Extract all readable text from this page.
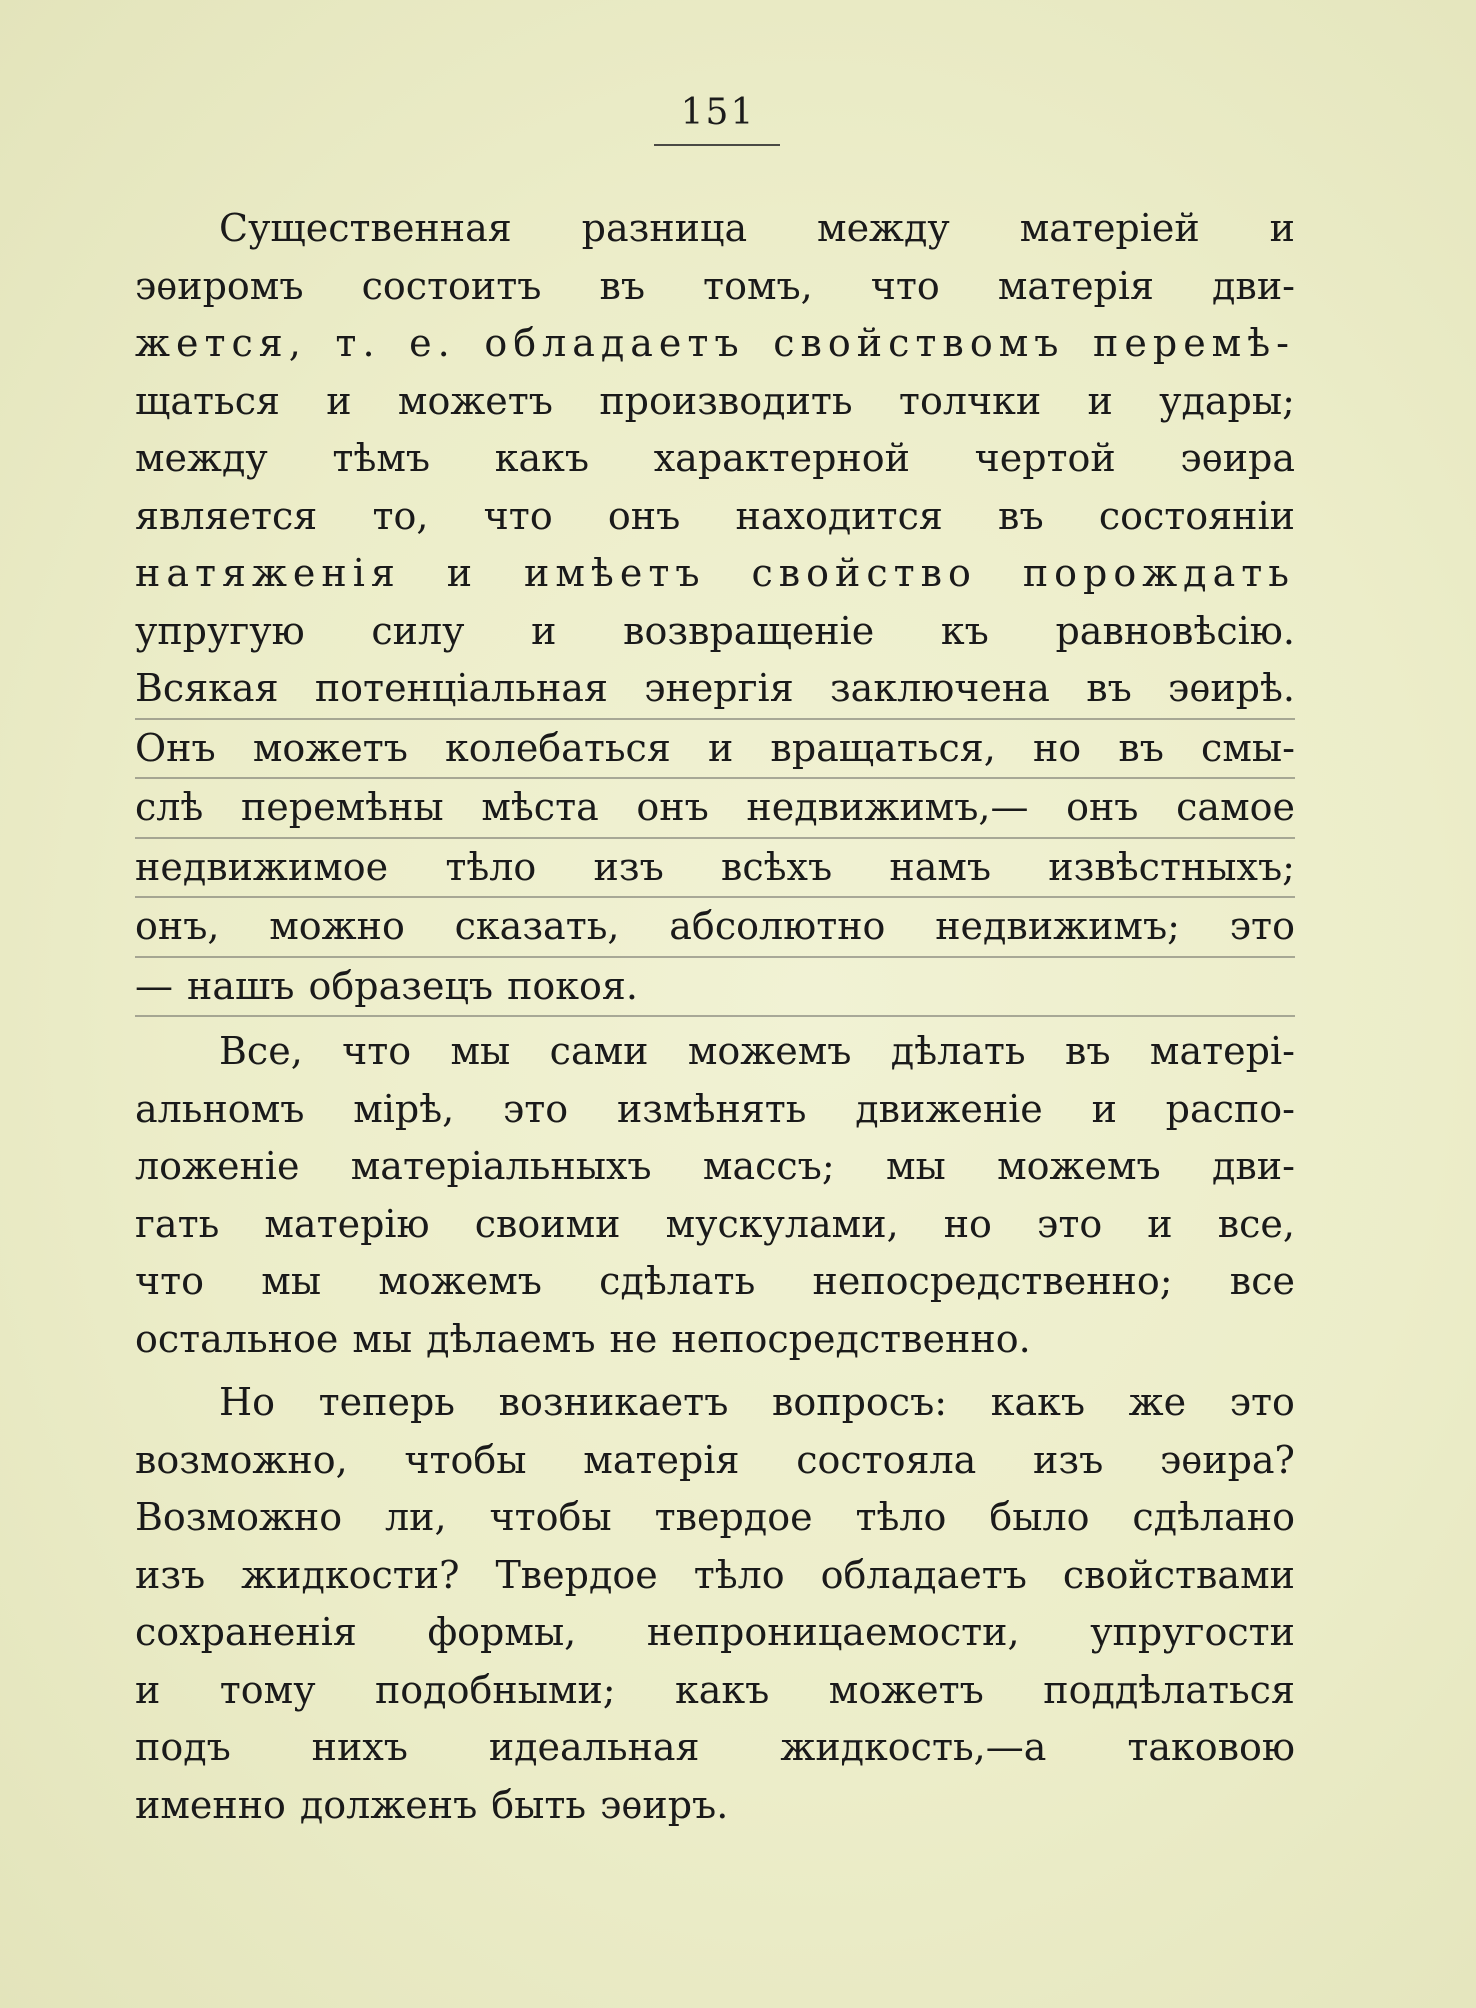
151
Существенная разница между матеріей и
эѳиромъ состоитъ въ томъ, что матерія дви-
жется, т. е. обладаетъ свойствомъ перемѣ-
щаться и можетъ производить толчки и удары;
между тѣмъ какъ характерной чертой эѳира
является то, что онъ находится въ состояніи
натяженія и имѣетъ свойство порождать
упругую силу и возвращеніе къ равновѣсію.
Всякая потенціальная энергія заключена въ эѳирѣ.
Онъ можетъ колебаться и вращаться, но въ смы-
слѣ перемѣны мѣста онъ недвижимъ,— онъ самое
недвижимое тѣло изъ всѣхъ намъ извѣстныхъ;
онъ, можно сказать, абсолютно недвижимъ; это
— нашъ образецъ покоя.
Все, что мы сами можемъ дѣлать въ матері-
альномъ мірѣ, это измѣнять движеніе и распо-
ложеніе матеріальныхъ массъ; мы можемъ дви-
гать матерію своими мускулами, но это и все,
что мы можемъ сдѣлать непосредственно; все
остальное мы дѣлаемъ не непосредственно.
Но теперь возникаетъ вопросъ: какъ же это
возможно, чтобы матерія состояла изъ эѳира?
Возможно ли, чтобы твердое тѣло было сдѣлано
изъ жидкости? Твердое тѣло обладаетъ свойствами
сохраненія формы, непроницаемости, упругости
и тому подобными; какъ можетъ поддѣлаться
подъ нихъ идеальная жидкость,—а таковою
именно долженъ быть эѳиръ.
